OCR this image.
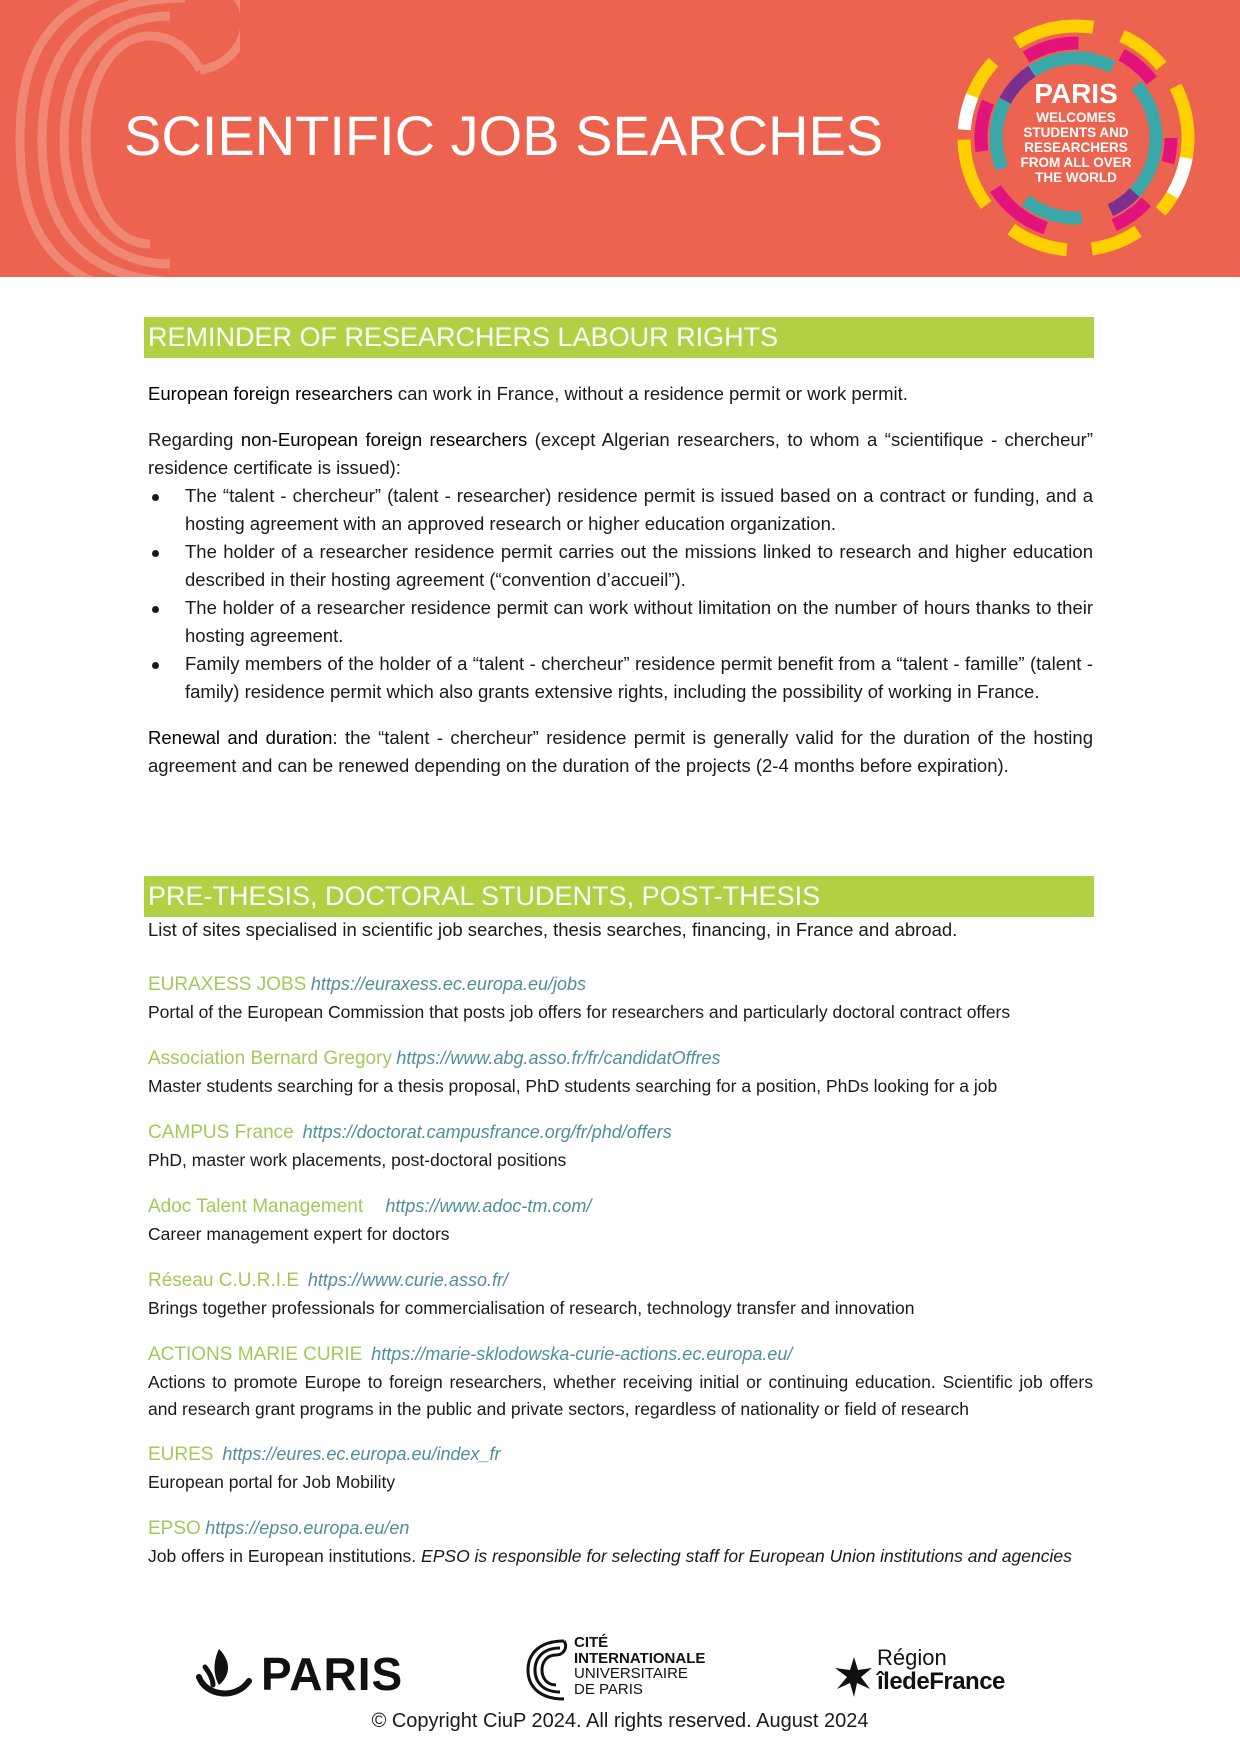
SCIENTIFIC JOB SEARCHES
PARIS
WELCOMES
STUDENTS AND
RESEARCHERS
FROM ALL OVER
THE WORLD
REMINDER OF RESEARCHERS LABOUR RIGHTS

European foreign researchers can work in France, without a residence permit or work permit.

Regarding non-European foreign researchers (except Algerian researchers, to whom a “scientifique - chercheur” residence certificate is issued):

The “talent - chercheur” (talent - researcher) residence permit is issued based on a contract or funding, and a hosting agreement with an approved research or higher education organization.
The holder of a researcher residence permit carries out the missions linked to research and higher education described in their hosting agreement (“convention d’accueil”).
The holder of a researcher residence permit can work without limitation on the number of hours thanks to their hosting agreement.
Family members of the holder of a “talent - chercheur” residence permit benefit from a “talent - famille” (talent - family) residence permit which also grants extensive rights, including the possibility of working in France.

Renewal and duration: the “talent - chercheur” residence permit is generally valid for the duration of the hosting agreement and can be renewed depending on the duration of the projects (2-4 months before expiration).

PRE-THESIS, DOCTORAL STUDENTS, POST-THESIS

List of sites specialised in scientific job searches, thesis searches, financing, in France and abroad.

EURAXESS JOBS https://euraxess.ec.europa.eu/jobs

Portal of the European Commission that posts job offers for researchers and particularly doctoral contract offers

Association Bernard Gregory https://www.abg.asso.fr/fr/candidatOffres

Master students searching for a thesis proposal, PhD students searching for a position, PhDs looking for a job

CAMPUS France https://doctorat.campusfrance.org/fr/phd/offers

PhD, master work placements, post-doctoral positions

Adoc Talent Management https://www.adoc-tm.com/

Career management expert for doctors

Réseau C.U.R.I.E https://www.curie.asso.fr/

Brings together professionals for commercialisation of research, technology transfer and innovation

ACTIONS MARIE CURIE https://marie-sklodowska-curie-actions.ec.europa.eu/

Actions to promote Europe to foreign researchers, whether receiving initial or continuing education. Scientific job offers and research grant programs in the public and private sectors, regardless of nationality or field of research

EURES https://eures.ec.europa.eu/index_fr

European portal for Job Mobility

EPSO https://epso.europa.eu/en

Job offers in European institutions. EPSO is responsible for selecting staff for European Union institutions and agencies

PARIS
CITÉ
INTERNATIONALE
UNIVERSITAIRE
DE PARIS
Région
îledeFrance
© Copyright CiuP 2024. All rights reserved. August 2024
